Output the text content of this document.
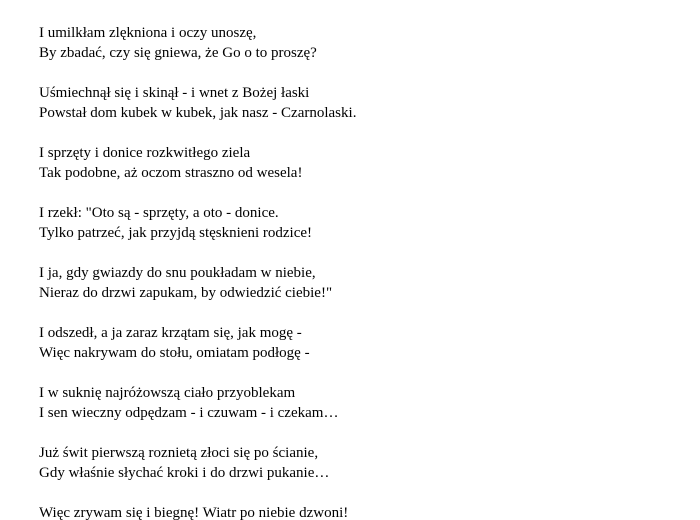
I umilkłam zlękniona i oczy unoszę,
By zbadać, czy się gniewa, że Go o to proszę?
Uśmiechnął się i skinął - i wnet z Bożej łaski
Powstał dom kubek w kubek, jak nasz - Czarnolaski.
I sprzęty i donice rozkwitłego ziela
Tak podobne, aż oczom straszno od wesela!
I rzekł: "Oto są - sprzęty, a oto - donice.
Tylko patrzeć, jak przyjdą stęsknieni rodzice!
I ja, gdy gwiazdy do snu poukładam w niebie,
Nieraz do drzwi zapukam, by odwiedzić ciebie!"
I odszedł, a ja zaraz krzątam się, jak mogę -
Więc nakrywam do stołu, omiatam podłogę -
I w suknię najróżowszą ciało przyoblekam
I sen wieczny odpędzam - i czuwam - i czekam…
Już świt pierwszą roznietą złoci się po ścianie,
Gdy właśnie słychać kroki i do drzwi pukanie…
Więc zrywam się i biegnę! Wiatr po niebie dzwoni!
